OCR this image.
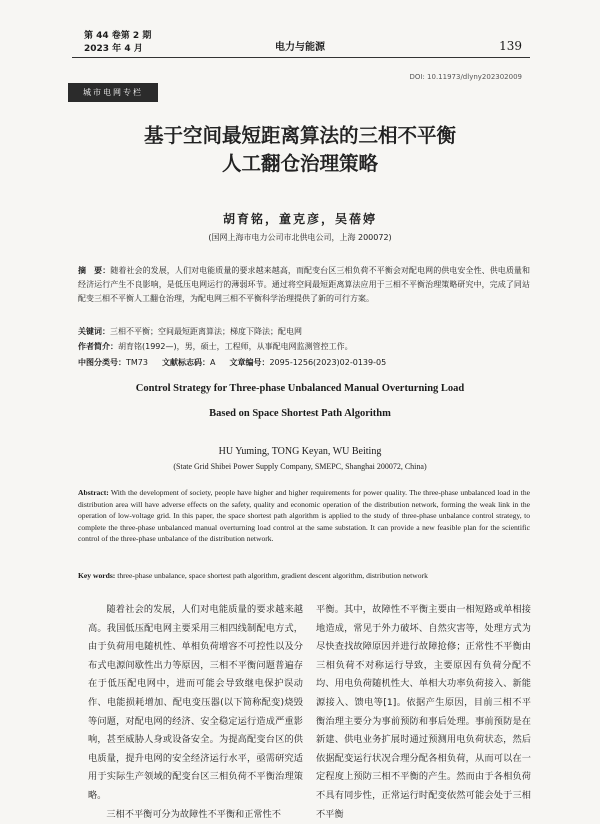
第 44 卷第 2 期
2023 年 4 月	电力与能源	139
DOI: 10.11973/dlyny202302009
城市电网专栏
基于空间最短距离算法的三相不平衡
人工翻仓治理策略
胡育铭，童克彦，吴蓓婷
(国网上海市电力公司市北供电公司，上海 200072)
摘　要：随着社会的发展，人们对电能质量的要求越来越高，而配变台区三相负荷不平衡会对配电网的供电安全性、供电质量和经济运行产生不良影响，是低压电网运行的薄弱环节。通过将空间最短距离算法应用于三相不平衡治理策略研究中，完成了同站配变三相不平衡人工翻仓治理，为配电网三相不平衡科学治理提供了新的可行方案。
关键词：三相不平衡；空间最短距离算法；梯度下降法；配电网
作者简介：胡育铭(1992—)，男，硕士，工程师，从事配电网监测管控工作。
中图分类号：TM73 文献标志码：A 文章编号：2095-1256(2023)02-0139-05
Control Strategy for Three-phase Unbalanced Manual Overturning Load
Based on Space Shortest Path Algorithm
HU Yuming, TONG Keyan, WU Beiting
(State Grid Shibei Power Supply Company, SMEPC, Shanghai 200072, China)
Abstract: With the development of society, people have higher and higher requirements for power quality. The three-phase unbalanced load in the distribution area will have adverse effects on the safety, quality and economic operation of the distribution network, forming the weak link in the operation of low-voltage grid. In this paper, the space shortest path algorithm is applied to the study of three-phase unbalance control strategy, to complete the three-phase unbalanced manual overturning load control at the same substation. It can provide a new feasible plan for the scientific control of the three-phase unbalance of the distribution network.
Key words: three-phase unbalance, space shortest path algorithm, gradient descent algorithm, distribution network

随着社会的发展，人们对电能质量的要求越来越高。我国低压配电网主要采用三相四线制配电方式，由于负荷用电随机性、单相负荷增容不可控性以及分布式电源间歇性出力等原因，三相不平衡问题普遍存在于低压配电网中，进而可能会导致继电保护误动作、电能损耗增加、配电变压器(以下简称配变)烧毁等问题，对配电网的经济、安全稳定运行造成严重影响，甚至威胁人身或设备安全。为提高配变台区的供电质量，提升电网的安全经济运行水平，亟需研究适用于实际生产领域的配变台区三相负荷不平衡治理策略。

三相不平衡可分为故障性不平衡和正常性不

平衡。其中，故障性不平衡主要由一相短路或单相接地造成，常见于外力破坏、自然灾害等，处理方式为尽快查找故障原因并进行故障抢修；正常性不平衡由三相负荷不对称运行导致，主要原因有负荷分配不均、用电负荷随机性大、单相大功率负荷接入、新能源接入、馈电等[1]。依据产生原因，目前三相不平衡治理主要分为事前预防和事后处理。事前预防是在新建、供电业务扩展时通过预测用电负荷状态，然后依据配变运行状况合理分配各相负荷，从而可以在一定程度上预防三相不平衡的产生。然而由于各相负荷不具有同步性，正常运行时配变依然可能会处于三相不平衡
